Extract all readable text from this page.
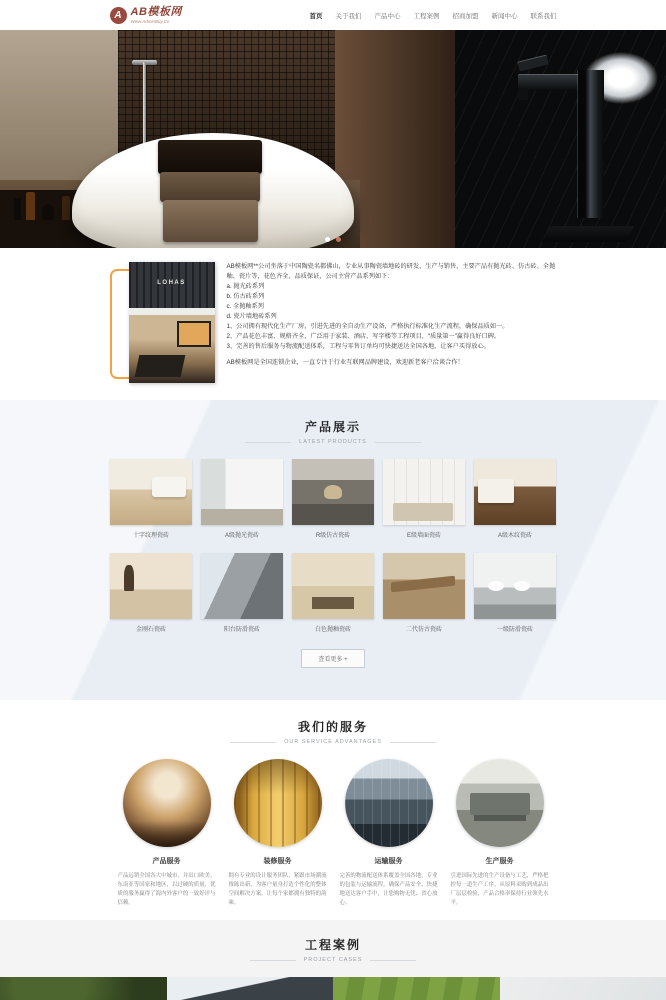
A AB模板网
Www.AdminBuy.Cn
首页 关于我们 产品中心 工程案例 招商加盟 新闻中心 联系我们
LOHAS

AB模板网**公司坐落于中国陶瓷名都佛山，专业从事陶瓷墙地砖的研发、生产与销售，主要产品有抛光砖、仿古砖、全抛釉、瓷片等，花色齐全、品质保证，公司主营产品系列如下：

a. 抛光砖系列
b. 仿古砖系列
c. 全抛釉系列
d. 瓷片墙地砖系列
1、公司拥有现代化生产厂房，引进先进的全自动生产设备，严格执行标准化生产流程，确保品质如一。
2、产品花色丰富、规格齐全，广泛用于家装、酒店、写字楼等工程项目，“质量第一”赢得良好口碑。
3、完善的售后服务与物流配送体系，工程与零售订单均可快捷送达全国各地，让客户买得放心。

AB模板网是全国连锁企业，一直专注于行业互联网品牌建设，欢迎新老客户洽谈合作！

产品展示
LATEST PRODUCTS
十字纹理瓷砖	A级抛光瓷砖	R级仿古瓷砖	E级墙面瓷砖	A级木纹瓷砖
金刚石瓷砖	阳台防滑瓷砖	白色抛釉瓷砖	二代仿古瓷砖	一级防滑瓷砖
查看更多 +
我们的服务
OUR SERVICE ADVANTAGES
产品服务
产品远销全国各大中城市，并出口欧美、东南亚等国家和地区，以过硬的质量、优质的服务赢得了海内外客户的一致好评与信赖。
装修服务
拥有专业的设计服务团队，紧跟市场潮流推陈出新，为客户量身打造个性化的整体空间解决方案，让每个家都拥有独特的韵味。
运输服务
完善的物流配送体系覆盖全国各地，专业的包装与运输流程，确保产品安全、快捷地送达客户手中，让您购物无忧、省心放心。
生产服务
引进国际先进的生产设备与工艺，严格把控每一道生产工序，从原料采购到成品出厂层层检验，产品合格率保持行业领先水平。
工程案例
PROJECT CASES
